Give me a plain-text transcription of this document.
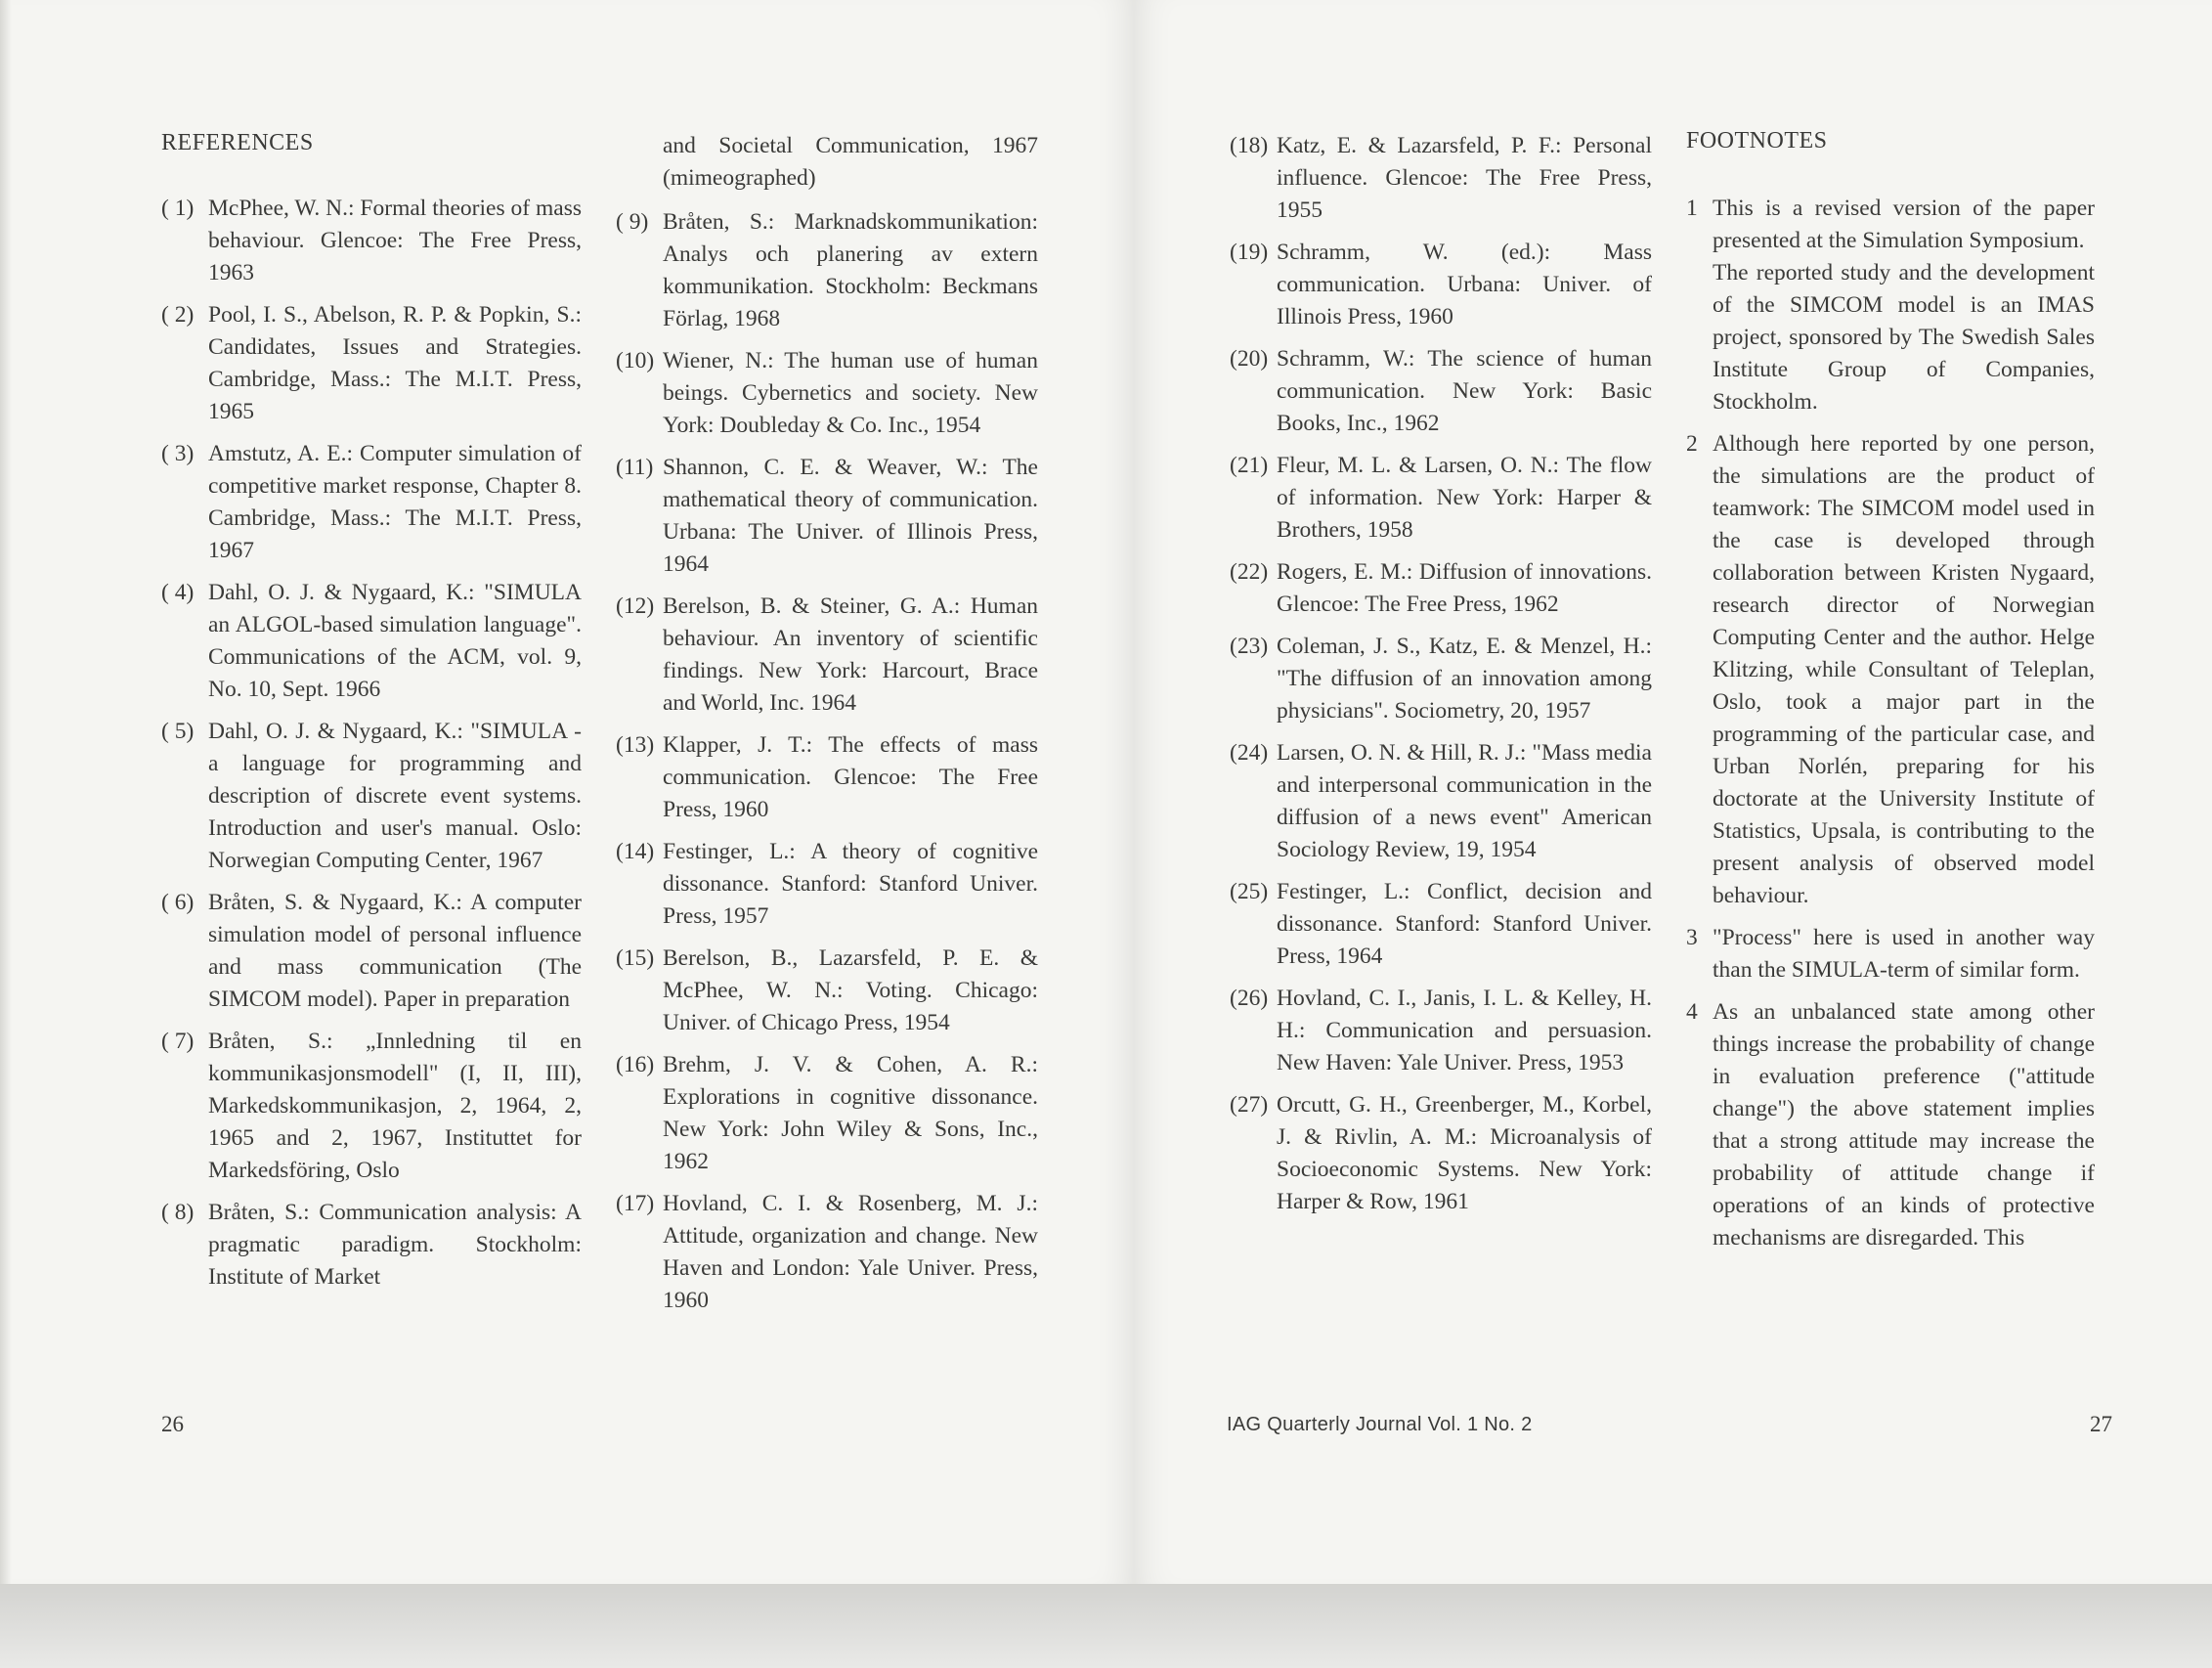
REFERENCES
( 1) McPhee, W. N.: Formal theories of mass behaviour. Glencoe: The Free Press, 1963
( 2) Pool, I. S., Abelson, R. P. & Popkin, S.: Candidates, Issues and Strategies. Cambridge, Mass.: The M.I.T. Press, 1965
( 3) Amstutz, A. E.: Computer simulation of competitive market response, Chapter 8. Cambridge, Mass.: The M.I.T. Press, 1967
( 4) Dahl, O. J. & Nygaard, K.: "SIMULA an ALGOL-based simulation language". Communications of the ACM, vol. 9, No. 10, Sept. 1966
( 5) Dahl, O. J. & Nygaard, K.: "SIMULA - a language for programming and description of discrete event systems. Introduction and user's manual. Oslo: Norwegian Computing Center, 1967
( 6) Bråten, S. & Nygaard, K.: A computer simulation model of personal influence and mass communication (The SIMCOM model). Paper in preparation
( 7) Bråten, S.: „Innledning til en kommunikasjonsmodell" (I, II, III), Markedskommunikasjon, 2, 1964, 2, 1965 and 2, 1967, Instituttet for Markedsföring, Oslo
( 8) Bråten, S.: Communication analysis: A pragmatic paradigm. Stockholm: Institute of Market
and Societal Communication, 1967 (mimeographed)
( 9) Bråten, S.: Marknadskommunikation: Analys och planering av extern kommunikation. Stockholm: Beckmans Förlag, 1968
(10) Wiener, N.: The human use of human beings. Cybernetics and society. New York: Doubleday & Co. Inc., 1954
(11) Shannon, C. E. & Weaver, W.: The mathematical theory of communication. Urbana: The Univer. of Illinois Press, 1964
(12) Berelson, B. & Steiner, G. A.: Human behaviour. An inventory of scientific findings. New York: Harcourt, Brace and World, Inc. 1964
(13) Klapper, J. T.: The effects of mass communication. Glencoe: The Free Press, 1960
(14) Festinger, L.: A theory of cognitive dissonance. Stanford: Stanford Univer. Press, 1957
(15) Berelson, B., Lazarsfeld, P. E. & McPhee, W. N.: Voting. Chicago: Univer. of Chicago Press, 1954
(16) Brehm, J. V. & Cohen, A. R.: Explorations in cognitive dissonance. New York: John Wiley & Sons, Inc., 1962
(17) Hovland, C. I. & Rosenberg, M. J.: Attitude, organization and change. New Haven and London: Yale Univer. Press, 1960
26
(18) Katz, E. & Lazarsfeld, P. F.: Personal influence. Glencoe: The Free Press, 1955
(19) Schramm, W. (ed.): Mass communication. Urbana: Univer. of Illinois Press, 1960
(20) Schramm, W.: The science of human communication. New York: Basic Books, Inc., 1962
(21) Fleur, M. L. & Larsen, O. N.: The flow of information. New York: Harper & Brothers, 1958
(22) Rogers, E. M.: Diffusion of innovations. Glencoe: The Free Press, 1962
(23) Coleman, J. S., Katz, E. & Menzel, H.: "The diffusion of an innovation among physicians". Sociometry, 20, 1957
(24) Larsen, O. N. & Hill, R. J.: "Mass media and interpersonal communication in the diffusion of a news event" American Sociology Review, 19, 1954
(25) Festinger, L.: Conflict, decision and dissonance. Stanford: Stanford Univer. Press, 1964
(26) Hovland, C. I., Janis, I. L. & Kelley, H. H.: Communication and persuasion. New Haven: Yale Univer. Press, 1953
(27) Orcutt, G. H., Greenberger, M., Korbel, J. & Rivlin, A. M.: Microanalysis of Socioeconomic Systems. New York: Harper & Row, 1961
FOOTNOTES
1 This is a revised version of the paper presented at the Simulation Symposium.

The reported study and the development of the SIMCOM model is an IMAS project, sponsored by The Swedish Sales Institute Group of Companies, Stockholm.

2 Although here reported by one person, the simulations are the product of teamwork: The SIMCOM model used in the case is developed through collaboration between Kristen Nygaard, research director of Norwegian Computing Center and the author. Helge Klitzing, while Consultant of Teleplan, Oslo, took a major part in the programming of the particular case, and Urban Norlén, preparing for his doctorate at the University Institute of Statistics, Upsala, is contributing to the present analysis of observed model behaviour.

3 "Process" here is used in another way than the SIMULA-term of similar form.

4 As an unbalanced state among other things increase the probability of change in evaluation preference ("attitude change") the above statement implies that a strong attitude may increase the probability of attitude change if operations of an kinds of protective mechanisms are disregarded. This

IAG Quarterly Journal Vol. 1 No. 2	27
